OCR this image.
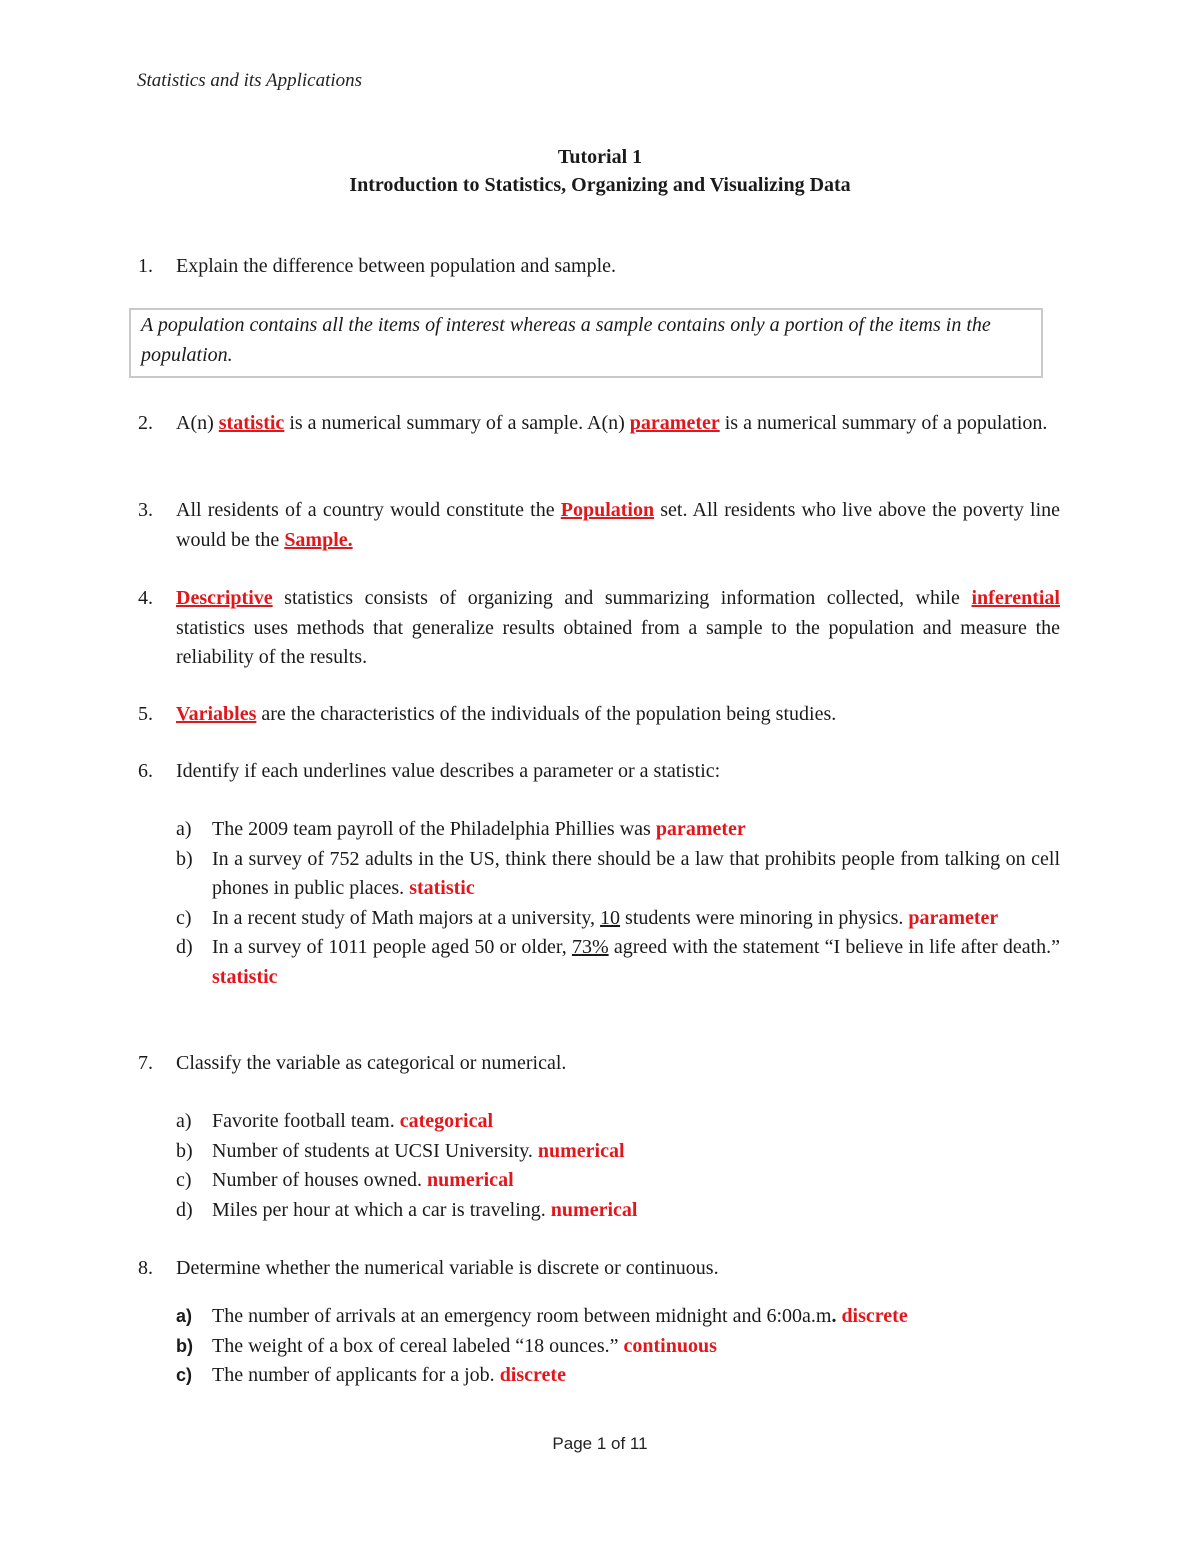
Statistics and its Applications
Tutorial 1
Introduction to Statistics, Organizing and Visualizing Data
1.	Explain the difference between population and sample.
2.	A(n) statistic is a numerical summary of a sample. A(n) parameter is a numerical summary of a population.
3.	All residents of a country would constitute the Population set. All residents who live above the poverty line would be the Sample.
4.	Descriptive statistics consists of organizing and summarizing information collected, while inferential statistics uses methods that generalize results obtained from a sample to the population and measure the reliability of the results.
5.	Variables are the characteristics of the individuals of the population being studies.
6.	Identify if each underlines value describes a parameter or a statistic:
a)	The 2009 team payroll of the Philadelphia Phillies was parameter
b) In a survey of 752 adults in the US, think there should be a law that prohibits people from talking on cell phones in public places. statistic
c)	In a recent study of Math majors at a university, 10 students were minoring in physics. parameter
d) In a survey of 1011 people aged 50 or older, 73% agreed with the statement “I believe in life after death.” statistic
7.	Classify the variable as categorical or numerical.
a)	Favorite football team. categorical
b) Number of students at UCSI University. numerical
c)	Number of houses owned. numerical
d) Miles per hour at which a car is traveling. numerical
8.	Determine whether the numerical variable is discrete or continuous.
a) The number of arrivals at an emergency room between midnight and 6:00a.m. discrete
b) The weight of a box of cereal labeled “18 ounces.” continuous
c) The number of applicants for a job. discrete
A population contains all the items of interest whereas a sample contains only a portion of the items in the population.
Page 1 of 11
